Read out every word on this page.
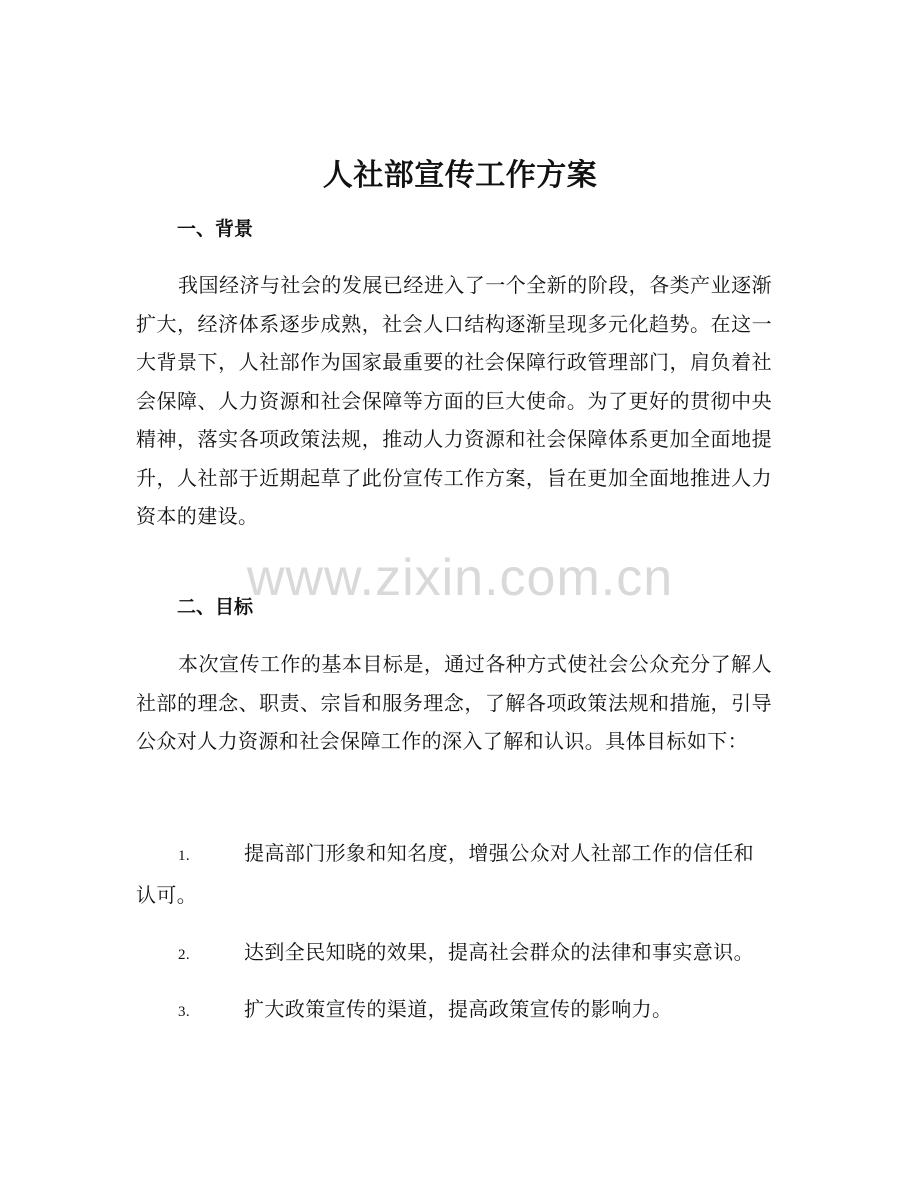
人社部宣传工作方案
一、背景

我国经济与社会的发展已经进入了一个全新的阶段，各类产业逐渐扩大，经济体系逐步成熟，社会人口结构逐渐呈现多元化趋势。在这一大背景下，人社部作为国家最重要的社会保障行政管理部门，肩负着社会保障、人力资源和社会保障等方面的巨大使命。为了更好的贯彻中央精神，落实各项政策法规，推动人力资源和社会保障体系更加全面地提升，人社部于近期起草了此份宣传工作方案，旨在更加全面地推进人力资本的建设。

www.zixin.com.cn
二、目标

本次宣传工作的基本目标是，通过各种方式使社会公众充分了解人社部的理念、职责、宗旨和服务理念，了解各项政策法规和措施，引导公众对人力资源和社会保障工作的深入了解和认识。具体目标如下：

1.	提高部门形象和知名度，增强公众对人社部工作的信任和认可。

2.	达到全民知晓的效果，提高社会群众的法律和事实意识。

3.	扩大政策宣传的渠道，提高政策宣传的影响力。
